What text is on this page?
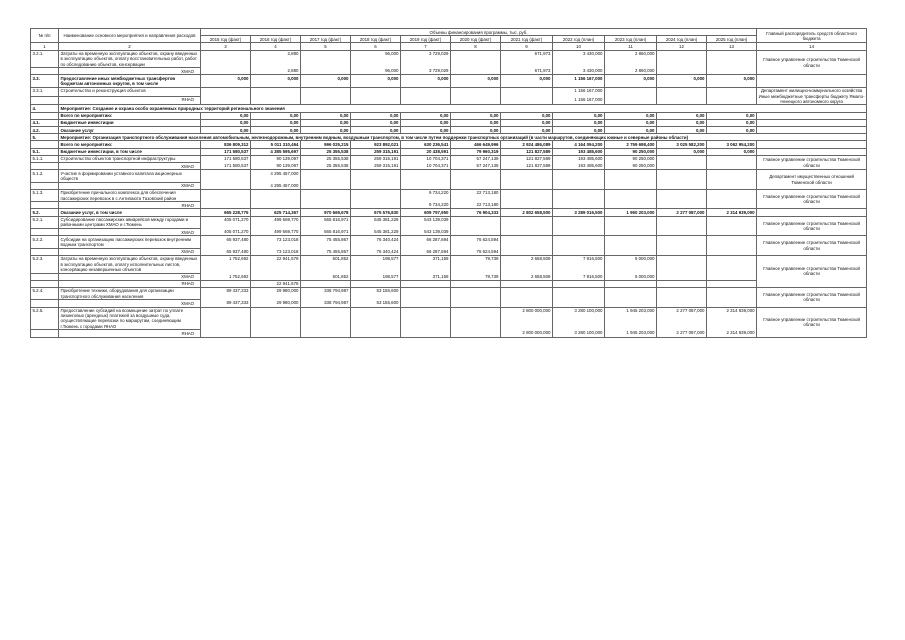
№ п/п	Наименование основного мероприятия и направления расходов	Объемы финансирования программы, тыс. руб.											Главный распорядитель средств областного бюджета
		2015 год (факт)	2016 год (факт)	2017 год (факт)	2018 год (факт)	2019 год (факт)	2020 год (факт)	2021 год (факт)	2022 год (план)	2023 год (план)	2024 год (план)	2025 год (план)	
1	2	3	4	5	6	7	8	9	10	11	12	13	14
3.2.1.	Затраты на временную эксплуатацию объектов, охрану введенных в эксплуатацию объектов, оплату восстановительных работ, работ по обследованию объектов, консервации		2,880		96,000	3 729,029		671,973	3 430,000	2 860,000			Главное управление строительства Тюменской области
	ХМАО		2,880		96,000	3 729,029		671,973	3 430,000	2 860,000			
3.3.	Предоставление иных межбюджетных трансфертов бюджетам автономных округов, в том числе	0,000	0,000	0,000	0,000	0,000	0,000	0,000	1 156 167,000	0,000	0,000	0,000	
3.3.1.	Строительство и реконструкция объектов								1 156 167,000				Департамент жилищно-коммунального хозяйства
Иные межбюджетные трансферты бюджету Ямало-Ненецкого автономного округа

	ЯНАО								1 156 167,000				
4.	Мероприятие: Создание и охрана особо охраняемых природных территорий регионального значения												
	Всего по мероприятию:	0,00	0,00	0,00	0,00	0,00	0,00	0,00	0,00	0,00	0,00	0,00	
4.1.	Бюджетные инвестиции	0,00	0,00	0,00	0,00	0,00	0,00	0,00	0,00	0,00	0,00	0,00	
4.2.	Оказание услуг	0,00	0,00	0,00	0,00	0,00	0,00	0,00	0,00	0,00	0,00	0,00	
5.	Мероприятие: Организация транспортного обслуживания населения автомобильным, железнодорожным, внутренним водным, воздушным транспортом, в том числе путем поддержки транспортных организаций (в части маршрутов, соединяющих южные и северные районы области)												
	Всего по мероприятию:	836 809,312	5 011 310,464	996 025,215	923 892,021	630 236,541	466 649,996	2 924 486,089	4 164 094,200	2 759 698,400	3 025 582,200	3 062 954,200	
5.1.	Бюджетные инвестиции, в том числе	171 580,537	4 385 595,697	25 355,538	259 315,191	20 438,591	79 960,319	121 827,589	193 485,600	90 250,000	0,000	0,000	
5.1.1.	Строительство объектов транспортной инфраструктуры	171 580,537	90 139,097	25 355,538	259 315,191	10 704,371	57 247,139	121 827,589	193 485,600	90 250,000			Главное управление строительства Тюменской области
	ХМАО	171 580,537	90 139,097	25 355,538	259 315,191	10 704,371	57 247,139	121 827,589	193 485,600	90 250,000			
5.1.2.	Участие в формировании уставного капитала акционерных обществ		4 295 457,000										Департамент имущественных отношений Тюменской области
	ХМАО		4 295 457,000										
5.1.3.	Приобретение причального комплекса для обеспечения пассажирских перевозок в с.Антипаюта Тазовский район					9 734,220	22 713,180						Главное управление строительства Тюменской области
	ЯНАО					9 734,220	22 713,180						
5.2.	Оказание услуг, в том числе	665 228,775	625 714,367	970 669,678	675 576,830	609 797,950	76 904,333	2 802 658,500	3 289 016,500	1 950 203,000	2 277 087,000	2 314 939,000	
5.2.1.	Субсидирование пассажирских авиарейсов между городами и районными центрами ХМАО и г.Тюмень	405 071,270	499 669,770	565 816,971	545 381,229	543 139,039							Главное управление строительства Тюменской области
	ХМАО	405 071,270	499 669,770	565 816,971	545 381,229	543 139,039							
5.2.2.	Субсидии на организацию пассажирских перевозок внутренним водным транспортом	65 937,480	73 123,018	75 455,867	76 340,424	66 287,694	76 624,594						Главное управление строительства Тюменской области
	ХМАО	65 937,480	73 123,018	75 455,867	76 340,424	66 287,694	76 624,594						
5.2.3.	Затраты на временную эксплуатацию объектов, охрану введенных в эксплуатацию объектов, оплату исполнительных листов, консервацию незавершенных объектов	1 752,692	22 941,579	601,852	198,577	371,159	79,739	2 658,509	7 916,500	5 000,000			Главное управление строительства Тюменской области
	ХМАО	1 752,692		601,852	198,577	371,159	79,739	2 658,509	7 916,500	5 000,000			
	ЯНАО		22 941,579										
5.2.4.	Приобретение техники, оборудования для организации транспортного обслуживания населения	89 437,333	29 980,000	338 794,987	53 155,600								Главное управление строительства Тюменской области
	ХМАО	89 437,333	29 980,000	338 794,987	53 155,600								
5.2.5.	Предоставление субсидий на возмещение затрат по уплате лизинговых (арендных) платежей за воздушные суда, осуществляющие перевозки по маршрутам, соединяющим г.Тюмень с городами ЯНАО							2 800 000,000	3 280 100,000	1 945 203,000	2 277 087,000	2 314 939,000	Главное управление строительства Тюменской области
	ЯНАО							2 800 000,000	3 280 100,000	1 945 203,000	2 277 087,000	2 314 939,000	
